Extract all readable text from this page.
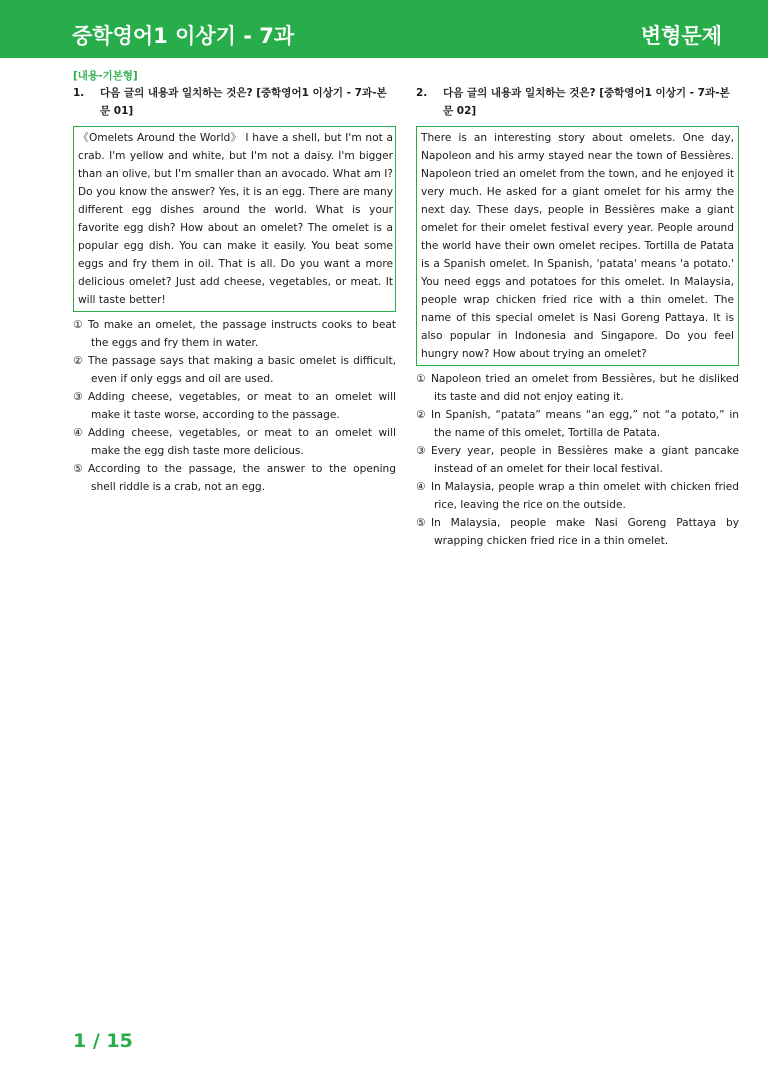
중학영어1 이상기 - 7과	변형문제
[내용-기본형]
1.	다음 글의 내용과 일치하는 것은? [중학영어1 이상기 - 7과-본문 01]
《Omelets Around the World》 I have a shell, but I'm not a crab. I'm yellow and white, but I'm not a daisy. I'm bigger than an olive, but I'm smaller than an avocado. What am I? Do you know the answer? Yes, it is an egg. There are many different egg dishes around the world. What is your favorite egg dish? How about an omelet? The omelet is a popular egg dish. You can make it easily. You beat some eggs and fry them in oil. That is all. Do you want a more delicious omelet? Just add cheese, vegetables, or meat. It will taste better!
① To make an omelet, the passage instructs cooks to beat the eggs and fry them in water.
② The passage says that making a basic omelet is difficult, even if only eggs and oil are used.
③ Adding cheese, vegetables, or meat to an omelet will make it taste worse, according to the passage.
④ Adding cheese, vegetables, or meat to an omelet will make the egg dish taste more delicious.
⑤ According to the passage, the answer to the opening shell riddle is a crab, not an egg.
2.	다음 글의 내용과 일치하는 것은? [중학영어1 이상기 - 7과-본문 02]
There is an interesting story about omelets. One day, Napoleon and his army stayed near the town of Bessières. Napoleon tried an omelet from the town, and he enjoyed it very much. He asked for a giant omelet for his army the next day. These days, people in Bessières make a giant omelet for their omelet festival every year. People around the world have their own omelet recipes. Tortilla de Patata is a Spanish omelet. In Spanish, 'patata' means 'a potato.' You need eggs and potatoes for this omelet. In Malaysia, people wrap chicken fried rice with a thin omelet. The name of this special omelet is Nasi Goreng Pattaya. It is also popular in Indonesia and Singapore. Do you feel hungry now? How about trying an omelet?
① Napoleon tried an omelet from Bessières, but he disliked its taste and did not enjoy eating it.
② In Spanish, “patata” means “an egg,” not “a potato,” in the name of this omelet, Tortilla de Patata.
③ Every year, people in Bessières make a giant pancake instead of an omelet for their local festival.
④ In Malaysia, people wrap a thin omelet with chicken fried rice, leaving the rice on the outside.
⑤ In Malaysia, people make Nasi Goreng Pattaya by wrapping chicken fried rice in a thin omelet.
1 / 15
